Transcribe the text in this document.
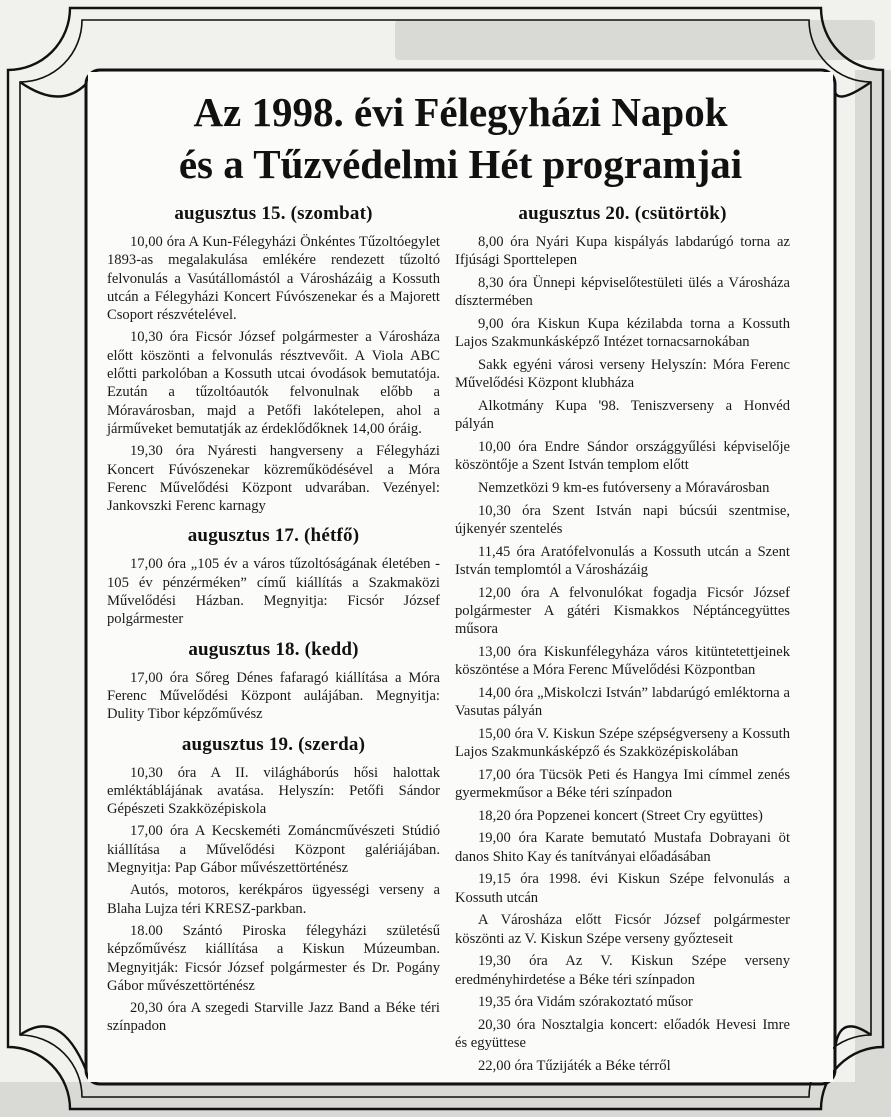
Az 1998. évi Félegyházi Napok
és a Tűzvédelmi Hét programjai
augusztus 15. (szombat)

10,00 óra A Kun-Félegyházi Önkéntes Tűzoltóegylet 1893-as megalakulása emlékére rendezett tűzoltó felvonulás a Vasútállomástól a Városházáig a Kossuth utcán a Félegyházi Koncert Fúvószenekar és a Majorett Csoport részvételével.

10,30 óra Ficsór József polgármester a Városháza előtt köszönti a felvonulás résztvevőit. A Viola ABC előtti parkolóban a Kossuth utcai óvodások bemutatója. Ezután a tűzoltóautók felvonulnak előbb a Móravárosban, majd a Petőfi lakótelepen, ahol a járműveket bemutatják az érdeklődőknek 14,00 óráig.

19,30 óra Nyáresti hangverseny a Félegyházi Koncert Fúvószenekar közreműködésével a Móra Ferenc Művelődési Központ udvarában. Vezényel: Jankovszki Ferenc karnagy

augusztus 17. (hétfő)

17,00 óra „105 év a város tűzoltóságának életében - 105 év pénzérméken” című kiállítás a Szakmaközi Művelődési Házban. Megnyitja: Ficsór József polgármester

augusztus 18. (kedd)

17,00 óra Sőreg Dénes fafaragó kiállítása a Móra Ferenc Művelődési Központ aulájában. Megnyitja: Dulity Tibor képzőművész

augusztus 19. (szerda)

10,30 óra A II. világháborús hősi halottak emléktáblájának avatása. Helyszín: Petőfi Sándor Gépészeti Szakközépiskola

17,00 óra A Kecskeméti Zománcművészeti Stúdió kiállítása a Művelődési Központ galériájában. Megnyitja: Pap Gábor művészettörténész

Autós, motoros, kerékpáros ügyességi verseny a Blaha Lujza téri KRESZ-parkban.

18.00 Szántó Piroska félegyházi születésű képzőművész kiállítása a Kiskun Múzeumban. Megnyitják: Ficsór József polgármester és Dr. Pogány Gábor művészettörténész

20,30 óra A szegedi Starville Jazz Band a Béke téri színpadon

augusztus 20. (csütörtök)

8,00 óra Nyári Kupa kispályás labdarúgó torna az Ifjúsági Sporttelepen

8,30 óra Ünnepi képviselőtestületi ülés a Városháza dísztermében

9,00 óra Kiskun Kupa kézilabda torna a Kossuth Lajos Szakmunkásképző Intézet tornacsarnokában

Sakk egyéni városi verseny Helyszín: Móra Ferenc Művelődési Központ klubháza

Alkotmány Kupa '98. Teniszverseny a Honvéd pályán

10,00 óra Endre Sándor országgyűlési képviselője köszöntője a Szent István templom előtt

Nemzetközi 9 km-es futóverseny a Móravárosban

10,30 óra Szent István napi búcsúi szentmise, újkenyér szentelés

11,45 óra Aratófelvonulás a Kossuth utcán a Szent István templomtól a Városházáig

12,00 óra A felvonulókat fogadja Ficsór József polgármester A gátéri Kismakkos Néptáncegyüttes műsora

13,00 óra Kiskunfélegyháza város kitüntetettjeinek köszöntése a Móra Ferenc Művelődési Központban

14,00 óra „Miskolczi István” labdarúgó emléktorna a Vasutas pályán

15,00 óra V. Kiskun Szépe szépségverseny a Kossuth Lajos Szakmunkásképző és Szakközépiskolában

17,00 óra Tücsök Peti és Hangya Imi címmel zenés gyermekműsor a Béke téri színpadon

18,20 óra Popzenei koncert (Street Cry együttes)

19,00 óra Karate bemutató Mustafa Dobrayani öt danos Shito Kay és tanítványai előadásában

19,15 óra 1998. évi Kiskun Szépe felvonulás a Kossuth utcán

A Városháza előtt Ficsór József polgármester köszönti az V. Kiskun Szépe verseny győzteseit

19,30 óra Az V. Kiskun Szépe verseny eredményhirdetése a Béke téri színpadon

19,35 óra Vidám szórakoztató műsor

20,30 óra Nosztalgia koncert: előadók Hevesi Imre és együttese

22,00 óra Tűzijáték a Béke térről
